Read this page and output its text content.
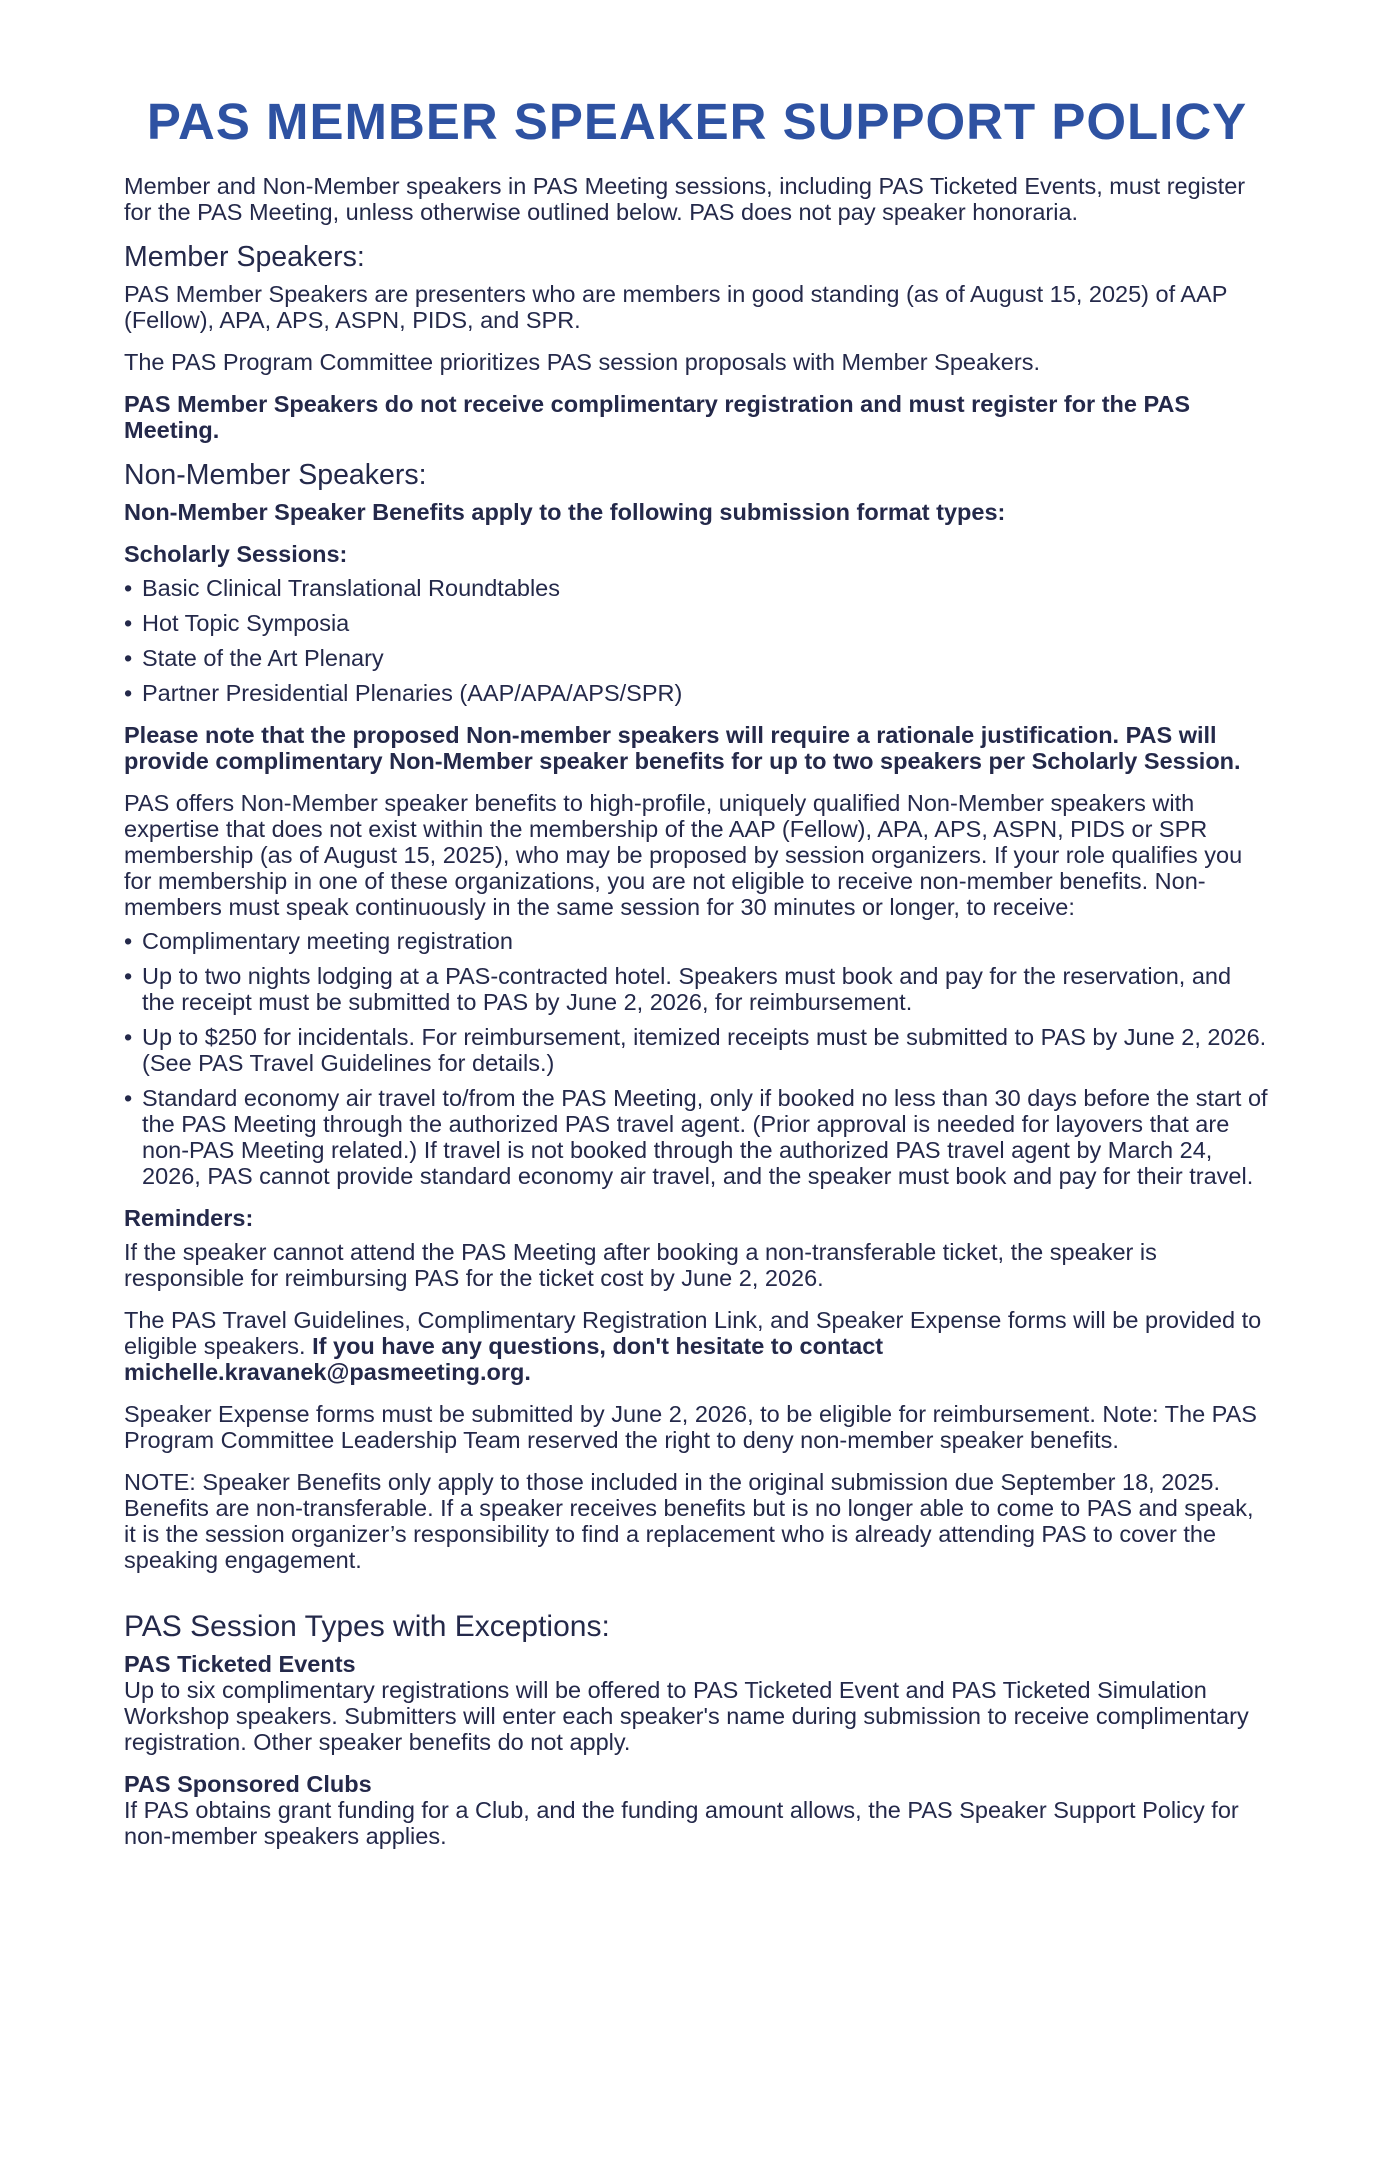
PAS MEMBER SPEAKER SUPPORT POLICY

Member and Non-Member speakers in PAS Meeting sessions, including PAS Ticketed Events, must register for the PAS Meeting, unless otherwise outlined below. PAS does not pay speaker honoraria.

Member Speakers:

PAS Member Speakers are presenters who are members in good standing (as of August 15, 2025) of AAP (Fellow), APA, APS, ASPN, PIDS, and SPR.

The PAS Program Committee prioritizes PAS session proposals with Member Speakers.

PAS Member Speakers do not receive complimentary registration and must register for the PAS Meeting.

Non-Member Speakers:

Non-Member Speaker Benefits apply to the following submission format types:

Scholarly Sessions:

• Basic Clinical Translational Roundtables
• Hot Topic Symposia
• State of the Art Plenary
• Partner Presidential Plenaries (AAP/APA/APS/SPR)

Please note that the proposed Non-member speakers will require a rationale justification. PAS will provide complimentary Non-Member speaker benefits for up to two speakers per Scholarly Session.

PAS offers Non-Member speaker benefits to high-profile, uniquely qualified Non-Member speakers with expertise that does not exist within the membership of the AAP (Fellow), APA, APS, ASPN, PIDS or SPR membership (as of August 15, 2025), who may be proposed by session organizers. If your role qualifies you for membership in one of these organizations, you are not eligible to receive non-member benefits. Non-members must speak continuously in the same session for 30 minutes or longer, to receive:

• Complimentary meeting registration
• Up to two nights lodging at a PAS-contracted hotel. Speakers must book and pay for the reservation, and the receipt must be submitted to PAS by June 2, 2026, for reimbursement.
• Up to $250 for incidentals. For reimbursement, itemized receipts must be submitted to PAS by June 2, 2026. (See PAS Travel Guidelines for details.)
• Standard economy air travel to/from the PAS Meeting, only if booked no less than 30 days before the start of the PAS Meeting through the authorized PAS travel agent. (Prior approval is needed for layovers that are non-PAS Meeting related.) If travel is not booked through the authorized PAS travel agent by March 24, 2026, PAS cannot provide standard economy air travel, and the speaker must book and pay for their travel.

Reminders:

If the speaker cannot attend the PAS Meeting after booking a non-transferable ticket, the speaker is responsible for reimbursing PAS for the ticket cost by June 2, 2026.

The PAS Travel Guidelines, Complimentary Registration Link, and Speaker Expense forms will be provided to eligible speakers. If you have any questions, don't hesitate to contact michelle.kravanek@pasmeeting.org.

Speaker Expense forms must be submitted by June 2, 2026, to be eligible for reimbursement. Note: The PAS Program Committee Leadership Team reserved the right to deny non-member speaker benefits.

NOTE: Speaker Benefits only apply to those included in the original submission due September 18, 2025. Benefits are non-transferable. If a speaker receives benefits but is no longer able to come to PAS and speak, it is the session organizer’s responsibility to find a replacement who is already attending PAS to cover the speaking engagement.

PAS Session Types with Exceptions:

PAS Ticketed Events

Up to six complimentary registrations will be offered to PAS Ticketed Event and PAS Ticketed Simulation Workshop speakers. Submitters will enter each speaker's name during submission to receive complimentary registration. Other speaker benefits do not apply.

PAS Sponsored Clubs

If PAS obtains grant funding for a Club, and the funding amount allows, the PAS Speaker Support Policy for non-member speakers applies.
